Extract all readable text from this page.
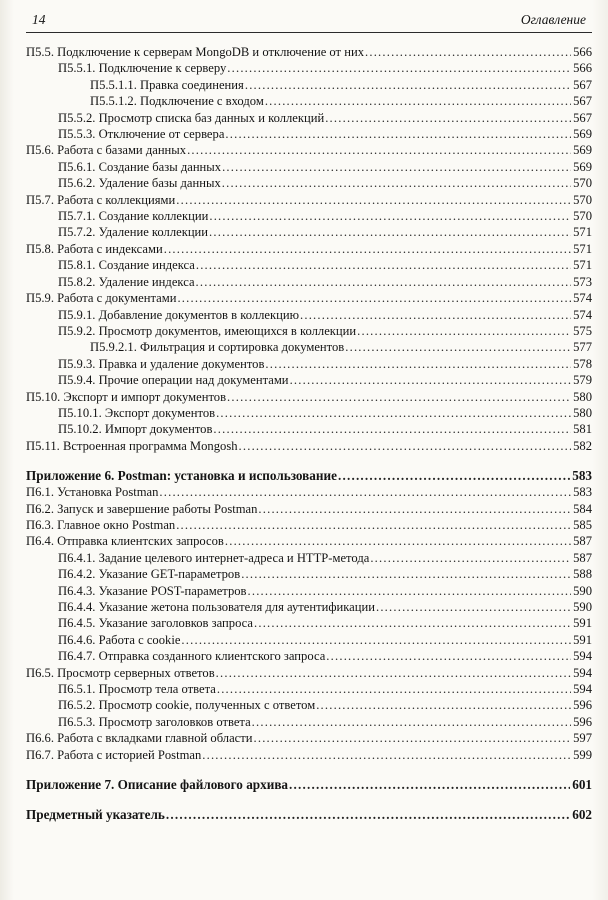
14	Оглавление
П5.5. Подключение к серверам MongoDB и отключение от них .....	566
П5.5.1. Подключение к серверу .....	566
П5.5.1.1. Правка соединения .....	567
П5.5.1.2. Подключение с входом .....	567
П5.5.2. Просмотр списка баз данных и коллекций .....	567
П5.5.3. Отключение от сервера .....	569
П5.6. Работа с базами данных .....	569
П5.6.1. Создание базы данных .....	569
П5.6.2. Удаление базы данных .....	570
П5.7. Работа с коллекциями .....	570
П5.7.1. Создание коллекции .....	570
П5.7.2. Удаление коллекции .....	571
П5.8. Работа с индексами .....	571
П5.8.1. Создание индекса .....	571
П5.8.2. Удаление индекса .....	573
П5.9. Работа с документами .....	574
П5.9.1. Добавление документов в коллекцию .....	574
П5.9.2. Просмотр документов, имеющихся в коллекции .....	575
П5.9.2.1. Фильтрация и сортировка документов .....	577
П5.9.3. Правка и удаление документов .....	578
П5.9.4. Прочие операции над документами .....	579
П5.10. Экспорт и импорт документов .....	580
П5.10.1. Экспорт документов .....	580
П5.10.2. Импорт документов .....	581
П5.11. Встроенная программа Mongosh .....	582
Приложение 6. Postman: установка и использование .....	583
П6.1. Установка Postman .....	583
П6.2. Запуск и завершение работы Postman .....	584
П6.3. Главное окно Postman .....	585
П6.4. Отправка клиентских запросов .....	587
П6.4.1. Задание целевого интернет-адреса и HTTP-метода .....	587
П6.4.2. Указание GET-параметров .....	588
П6.4.3. Указание POST-параметров .....	590
П6.4.4. Указание жетона пользователя для аутентификации .....	590
П6.4.5. Указание заголовков запроса .....	591
П6.4.6. Работа с cookie .....	591
П6.4.7. Отправка созданного клиентского запроса .....	594
П6.5. Просмотр серверных ответов .....	594
П6.5.1. Просмотр тела ответа .....	594
П6.5.2. Просмотр cookie, полученных с ответом .....	596
П6.5.3. Просмотр заголовков ответа .....	596
П6.6. Работа с вкладками главной области .....	597
П6.7. Работа с историей Postman .....	599
Приложение 7. Описание файлового архива .....	601
Предметный указатель .....	602
